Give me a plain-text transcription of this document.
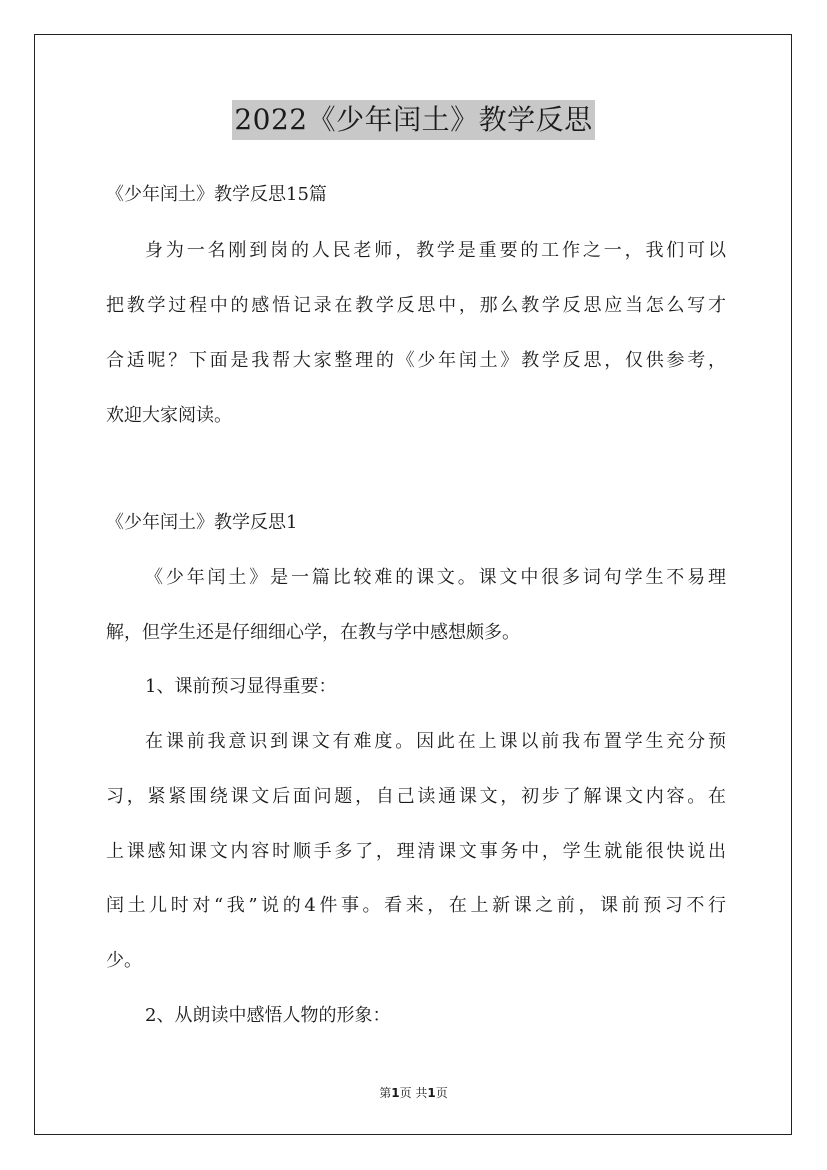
2022《少年闰土》教学反思
《少年闰土》教学反思15篇
身为一名刚到岗的人民老师，教学是重要的工作之一，我们可以
把教学过程中的感悟记录在教学反思中，那么教学反思应当怎么写才
合适呢？下面是我帮大家整理的《少年闰土》教学反思，仅供参考，
欢迎大家阅读。
《少年闰土》教学反思1
《少年闰土》是一篇比较难的课文。课文中很多词句学生不易理
解，但学生还是仔细细心学，在教与学中感想颇多。
1、课前预习显得重要：
在课前我意识到课文有难度。因此在上课以前我布置学生充分预
习，紧紧围绕课文后面问题，自己读通课文，初步了解课文内容。在
上课感知课文内容时顺手多了，理清课文事务中，学生就能很快说出
闰土儿时对“我”说的4件事。看来，在上新课之前，课前预习不行
少。
2、从朗读中感悟人物的形象：
第1页 共1页
